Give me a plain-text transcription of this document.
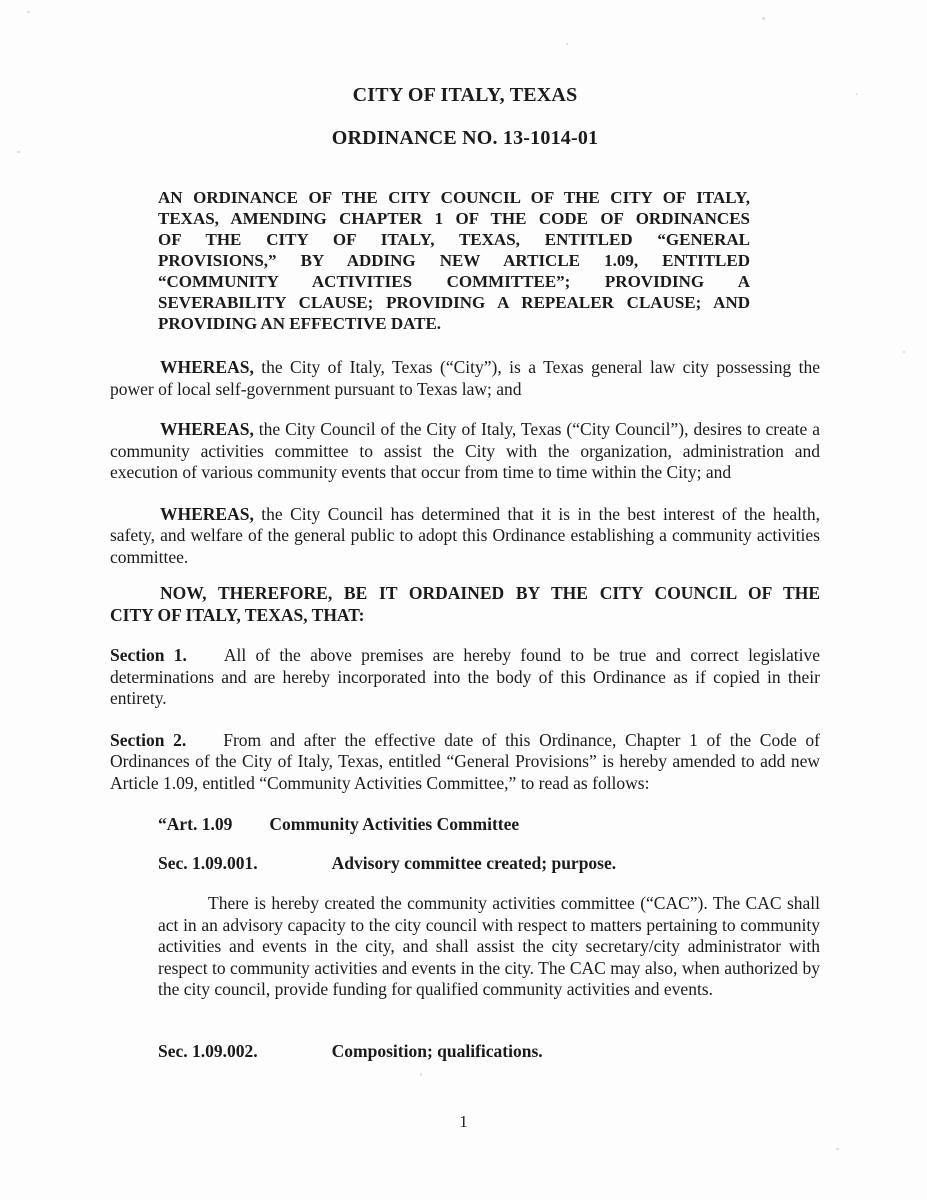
CITY OF ITALY, TEXAS
ORDINANCE NO. 13-1014-01
AN ORDINANCE OF THE CITY COUNCIL OF THE CITY OF ITALY,
TEXAS, AMENDING CHAPTER 1 OF THE CODE OF ORDINANCES
OF THE CITY OF ITALY, TEXAS, ENTITLED “GENERAL
PROVISIONS,” BY ADDING NEW ARTICLE 1.09, ENTITLED
“COMMUNITY ACTIVITIES COMMITTEE”; PROVIDING A
SEVERABILITY CLAUSE; PROVIDING A REPEALER CLAUSE; AND
PROVIDING AN EFFECTIVE DATE.

WHEREAS, the City of Italy, Texas (“City”), is a Texas general law city possessing the power of local self-government pursuant to Texas law; and

WHEREAS, the City Council of the City of Italy, Texas (“City Council”), desires to create a community activities committee to assist the City with the organization, administration and execution of various community events that occur from time to time within the City; and

WHEREAS, the City Council has determined that it is in the best interest of the health, safety, and welfare of the general public to adopt this Ordinance establishing a community activities committee.

NOW, THEREFORE, BE IT ORDAINED BY THE CITY COUNCIL OF THE
CITY OF ITALY, TEXAS, THAT:

Section 1. All of the above premises are hereby found to be true and correct legislative determinations and are hereby incorporated into the body of this Ordinance as if copied in their entirety.

Section 2. From and after the effective date of this Ordinance, Chapter 1 of the Code of Ordinances of the City of Italy, Texas, entitled “General Provisions” is hereby amended to add new Article 1.09, entitled “Community Activities Committee,” to read as follows:

“Art. 1.09 Community Activities Committee
Sec. 1.09.001.	Advisory committee created; purpose.

There is hereby created the community activities committee (“CAC”). The CAC shall act in an advisory capacity to the city council with respect to matters pertaining to community activities and events in the city, and shall assist the city secretary/city administrator with respect to community activities and events in the city. The CAC may also, when authorized by the city council, provide funding for qualified community activities and events.

Sec. 1.09.002.	Composition; qualifications.
1
